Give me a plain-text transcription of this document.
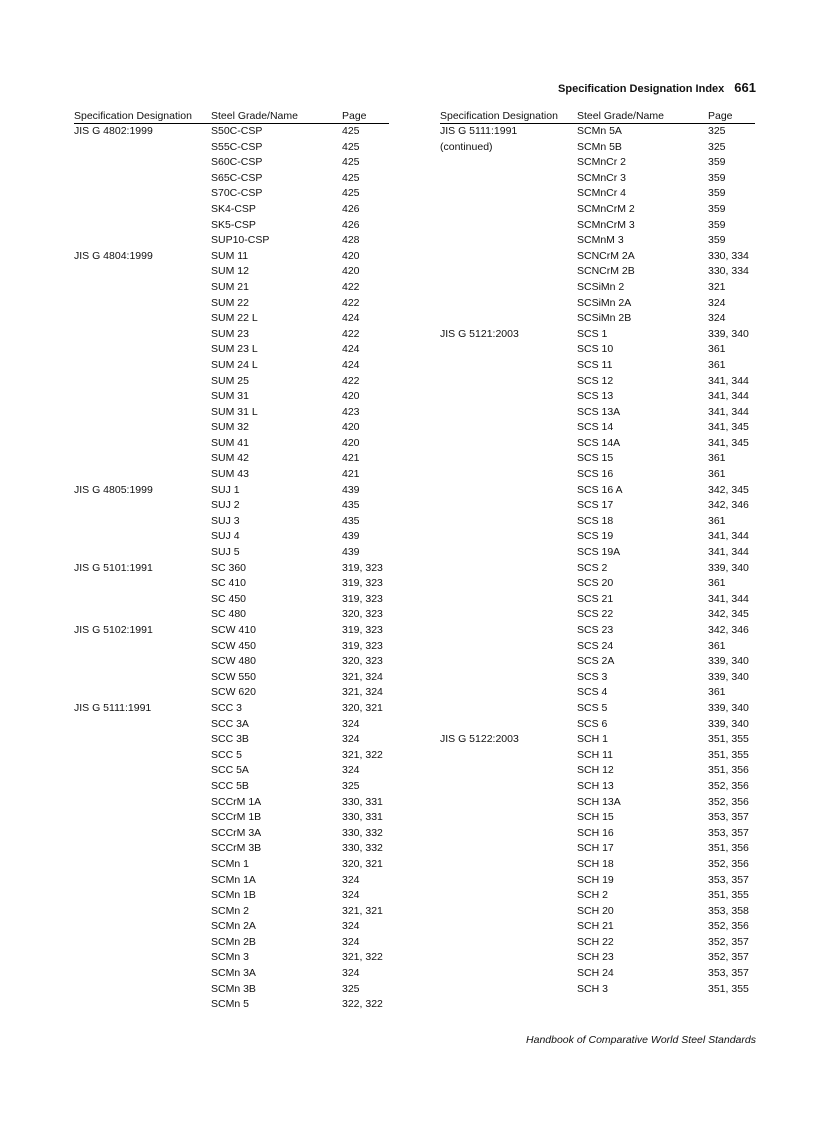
Specification Designation Index 661
Specification Designation	Steel Grade/Name	Page
JIS G 4802:1999	S50C-CSP	425
S55C-CSP	425
S60C-CSP	425
S65C-CSP	425
S70C-CSP	425
SK4-CSP	426
SK5-CSP	426
SUP10-CSP	428
JIS G 4804:1999	SUM 11	420
SUM 12	420
SUM 21	422
SUM 22	422
SUM 22 L	424
SUM 23	422
SUM 23 L	424
SUM 24 L	424
SUM 25	422
SUM 31	420
SUM 31 L	423
SUM 32	420
SUM 41	420
SUM 42	421
SUM 43	421
JIS G 4805:1999	SUJ 1	439
SUJ 2	435
SUJ 3	435
SUJ 4	439
SUJ 5	439
JIS G 5101:1991	SC 360	319, 323
SC 410	319, 323
SC 450	319, 323
SC 480	320, 323
JIS G 5102:1991	SCW 410	319, 323
SCW 450	319, 323
SCW 480	320, 323
SCW 550	321, 324
SCW 620	321, 324
JIS G 5111:1991	SCC 3	320, 321
SCC 3A	324
SCC 3B	324
SCC 5	321, 322
SCC 5A	324
SCC 5B	325
SCCrM 1A	330, 331
SCCrM 1B	330, 331
SCCrM 3A	330, 332
SCCrM 3B	330, 332
SCMn 1	320, 321
SCMn 1A	324
SCMn 1B	324
SCMn 2	321, 321
SCMn 2A	324
SCMn 2B	324
SCMn 3	321, 322
SCMn 3A	324
SCMn 3B	325
SCMn 5	322, 322
Specification Designation	Steel Grade/Name	Page
JIS G 5111:1991	SCMn 5A	325
(continued)	SCMn 5B	325
SCMnCr 2	359
SCMnCr 3	359
SCMnCr 4	359
SCMnCrM 2	359
SCMnCrM 3	359
SCMnM 3	359
SCNCrM 2A	330, 334
SCNCrM 2B	330, 334
SCSiMn 2	321
SCSiMn 2A	324
SCSiMn 2B	324
JIS G 5121:2003	SCS 1	339, 340
SCS 10	361
SCS 11	361
SCS 12	341, 344
SCS 13	341, 344
SCS 13A	341, 344
SCS 14	341, 345
SCS 14A	341, 345
SCS 15	361
SCS 16	361
SCS 16 A	342, 345
SCS 17	342, 346
SCS 18	361
SCS 19	341, 344
SCS 19A	341, 344
SCS 2	339, 340
SCS 20	361
SCS 21	341, 344
SCS 22	342, 345
SCS 23	342, 346
SCS 24	361
SCS 2A	339, 340
SCS 3	339, 340
SCS 4	361
SCS 5	339, 340
SCS 6	339, 340
JIS G 5122:2003	SCH 1	351, 355
SCH 11	351, 355
SCH 12	351, 356
SCH 13	352, 356
SCH 13A	352, 356
SCH 15	353, 357
SCH 16	353, 357
SCH 17	351, 356
SCH 18	352, 356
SCH 19	353, 357
SCH 2	351, 355
SCH 20	353, 358
SCH 21	352, 356
SCH 22	352, 357
SCH 23	352, 357
SCH 24	353, 357
SCH 3	351, 355
Handbook of Comparative World Steel Standards
